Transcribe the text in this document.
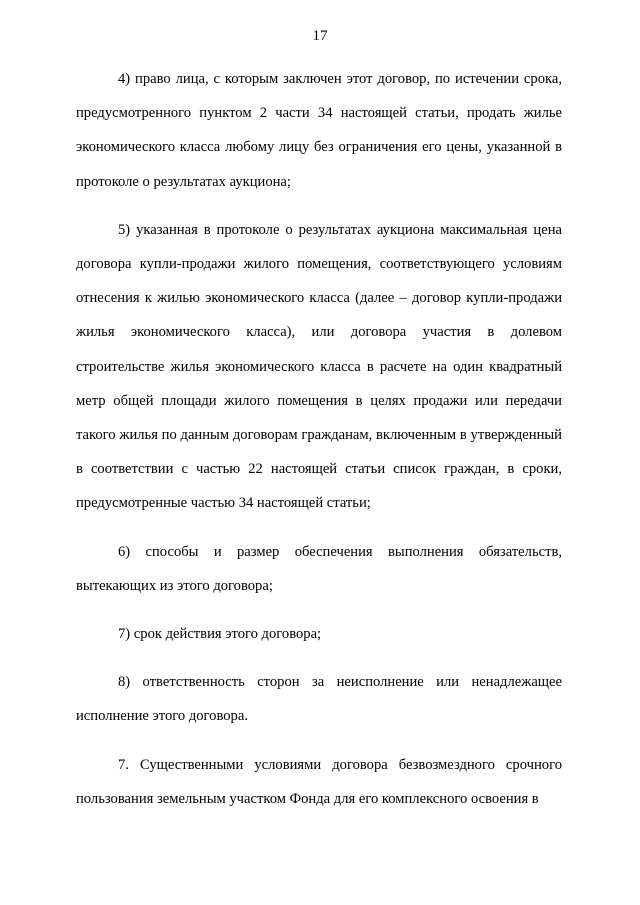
17

4) право лица, с которым заключен этот договор, по истечении срока, предусмотренного пунктом 2 части 34 настоящей статьи, продать жилье экономического класса любому лицу без ограничения его цены, указанной в протоколе о результатах аукциона;

5) указанная в протоколе о результатах аукциона максимальная цена договора купли-продажи жилого помещения, соответствующего условиям отнесения к жилью экономического класса (далее – договор купли-продажи жилья экономического класса), или договора участия в долевом строительстве жилья экономического класса в расчете на один квадратный метр общей площади жилого помещения в целях продажи или передачи такого жилья по данным договорам гражданам, включенным в утвержденный в соответствии с частью 22 настоящей статьи список граждан, в сроки, предусмотренные частью 34 настоящей статьи;

6) способы и размер обеспечения выполнения обязательств, вытекающих из этого договора;

7) срок действия этого договора;

8) ответственность сторон за неисполнение или ненадлежащее исполнение этого договора.

7. Существенными условиями договора безвозмездного срочного пользования земельным участком Фонда для его комплексного освоения в
